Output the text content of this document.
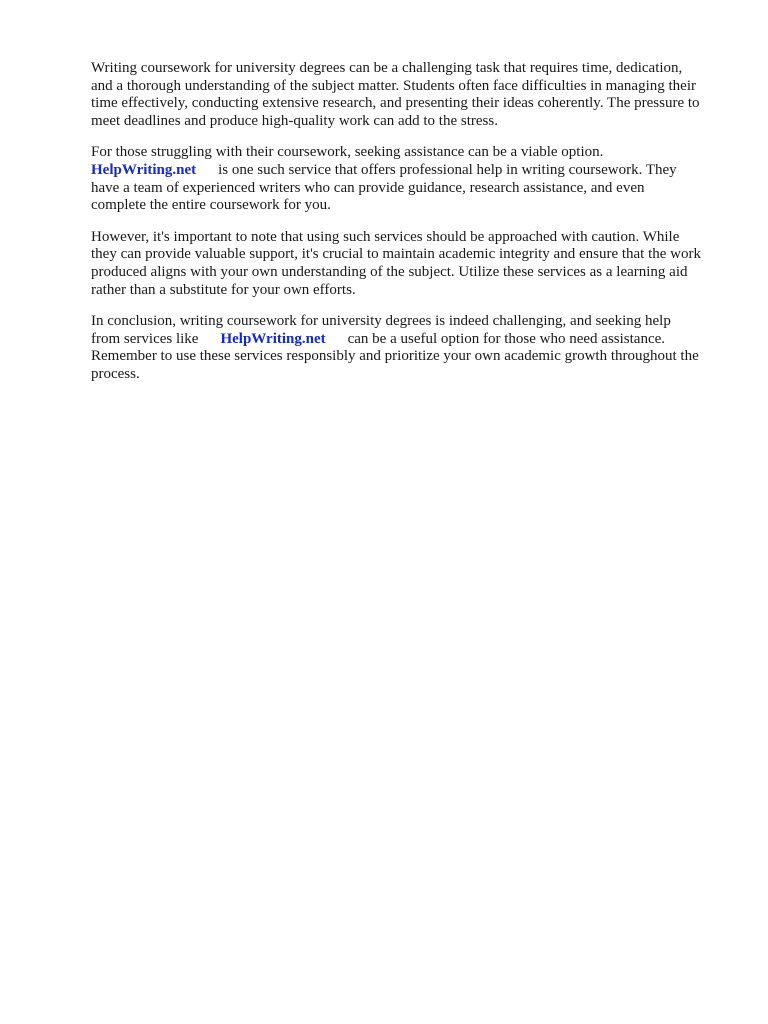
Writing coursework for university degrees can be a challenging task that requires time, dedication,
and a thorough understanding of the subject matter. Students often face difficulties in managing their
time effectively, conducting extensive research, and presenting their ideas coherently. The pressure to
meet deadlines and produce high-quality work can add to the stress.

For those struggling with their coursework, seeking assistance can be a viable option.
HelpWriting.net is one such service that offers professional help in writing coursework. They
have a team of experienced writers who can provide guidance, research assistance, and even
complete the entire coursework for you.

However, it's important to note that using such services should be approached with caution. While
they can provide valuable support, it's crucial to maintain academic integrity and ensure that the work
produced aligns with your own understanding of the subject. Utilize these services as a learning aid
rather than a substitute for your own efforts.

In conclusion, writing coursework for university degrees is indeed challenging, and seeking help
from services like HelpWriting.net can be a useful option for those who need assistance.
Remember to use these services responsibly and prioritize your own academic growth throughout the
process.
